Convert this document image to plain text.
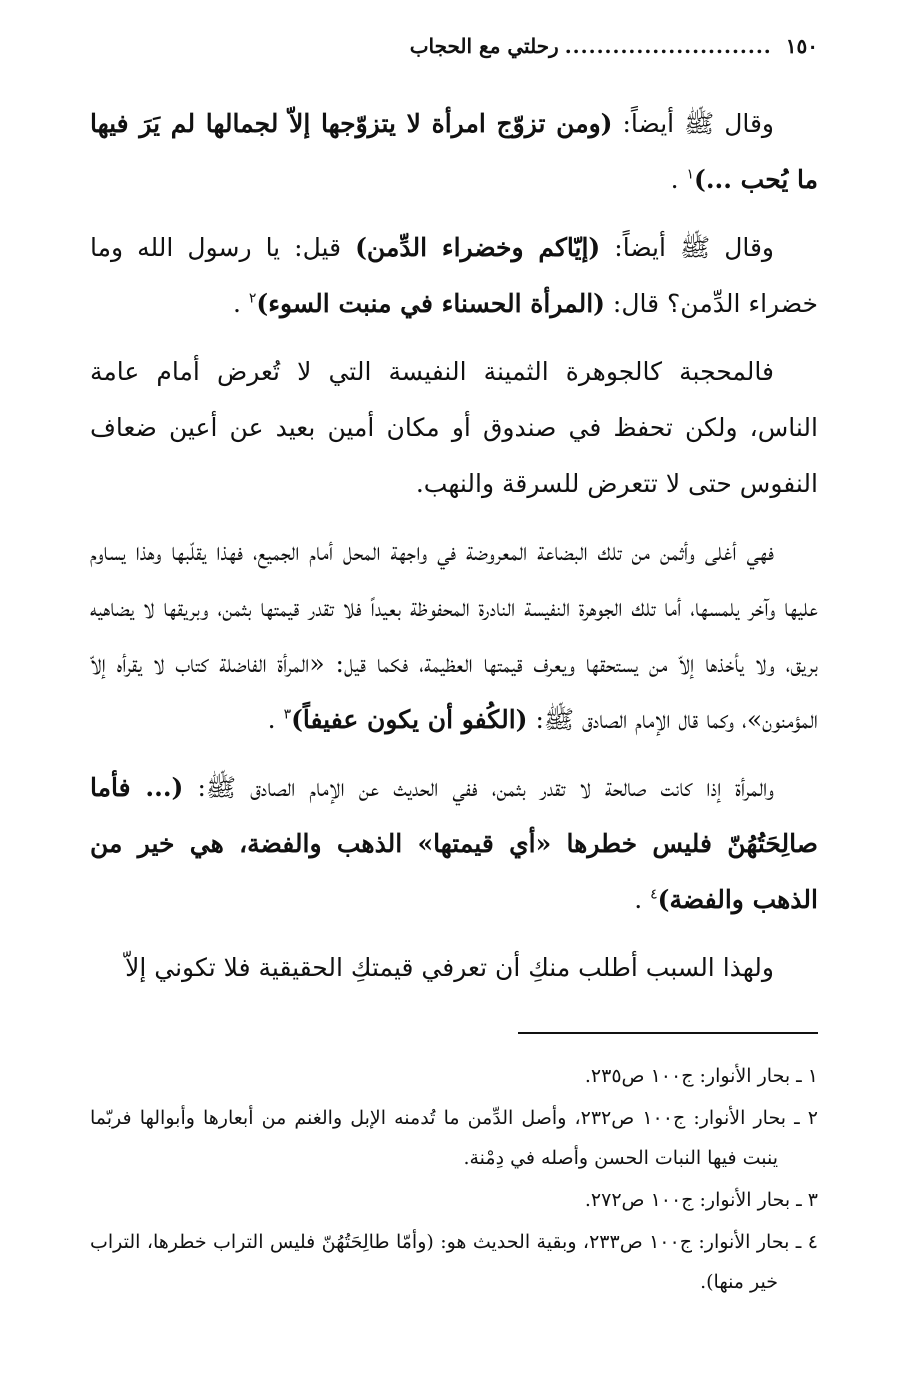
١٥٠
..........................
رحلتي مع الحجاب

وقال ﷺ أيضاً: (ومن تزوّج امرأة لا يتزوّجها إلاّ لجمالها لم يَرَ فيها ما يُحب ...)$^١$ .

وقال ﷺ أيضاً: (إيّاكم وخضراء الدِّمن) قيل: يا رسول الله وما خضراء الدِّمن؟ قال: (المرأة الحسناء في منبت السوء)$^٢$ .

فالمحجبة كالجوهرة الثمينة النفيسة التي لا تُعرض أمام عامة الناس، ولكن تحفظ في صندوق أو مكان أمين بعيد عن أعين ضعاف النفوس حتى لا تتعرض للسرقة والنهب.

فهي أغلى وأثمن من تلك البضاعة المعروضة في واجهة المحل أمام الجميع، فهذا يقلّبها وهذا يساوم عليها وآخر يلمسها، أما تلك الجوهرة النفيسة النادرة المحفوظة بعيداً فلا تقدر قيمتها بثمن، وبريقها لا يضاهيه بريق، ولا يأخذها إلاّ من يستحقها ويعرف قيمتها العظيمة، فكما قيل: «المرأة الفاضلة كتاب لا يقرأه إلاّ المؤمنون»، وكما قال الإمام الصادق ﷺ: (الكُفو أن يكون عفيفاً)$^٣$ .

والمرأة إذا كانت صالحة لا تقدر بثمن، ففي الحديث عن الإمام الصادق ﷺ: (... فأما صالِحَتُهُنّ فليس خطرها «أي قيمتها» الذهب والفضة، هي خير من الذهب والفضة)$^٤$ .

ولهذا السبب أطلب منكِ أن تعرفي قيمتكِ الحقيقية فلا تكوني إلاّ

١ ـ بحار الأنوار: ج١٠٠ ص٢٣٥.
٢ ـ بحار الأنوار: ج١٠٠ ص٢٣٢، وأصل الدِّمن ما تُدمنه الإبل والغنم من أبعارها وأبوالها فربّما ينبت فيها النبات الحسن وأصله في دِمْنة.
٣ ـ بحار الأنوار: ج١٠٠ ص٢٧٢.
٤ ـ بحار الأنوار: ج١٠٠ ص٢٣٣، وبقية الحديث هو: (وأمّا طالِحَتُهُنّ فليس التراب خطرها، التراب خير منها).
